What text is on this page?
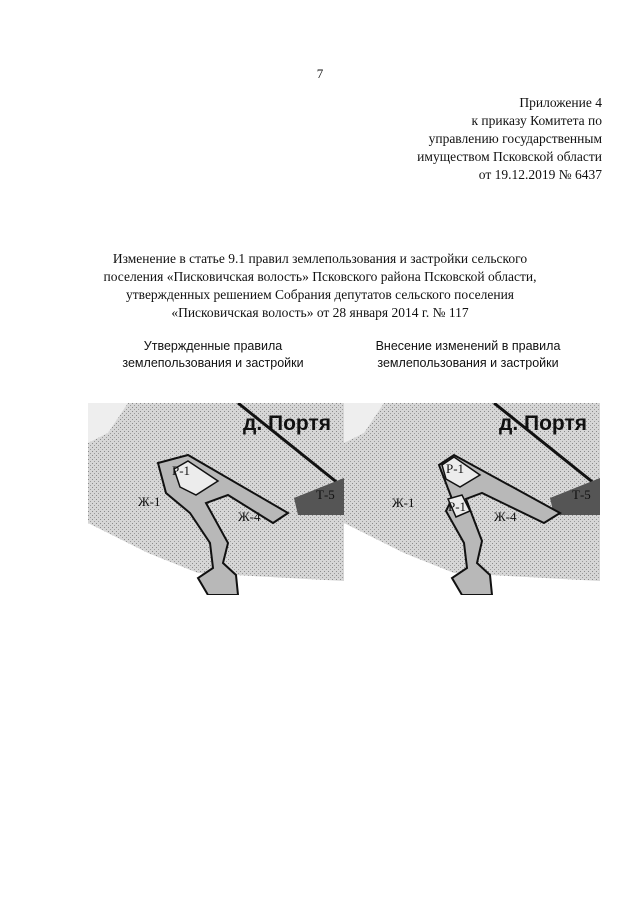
7
Приложение 4
к приказу Комитета по
управлению государственным
имуществом Псковской области
от 19.12.2019 № 6437
Изменение в статье 9.1 правил землепользования и застройки сельского
поселения «Писковичская волость» Псковского района Псковской области,
утвержденных решением Собрания депутатов сельского поселения
«Писковичская волость» от 28 января 2014 г. № 117
Утвержденные правила
землепользования и застройки
Внесение изменений в правила
землепользования и застройки
д. Портя
Р-1
Ж-1
Ж-4
Т-5
д. Портя
Р-1
Р-1
Ж-1
Ж-4
Т-5
